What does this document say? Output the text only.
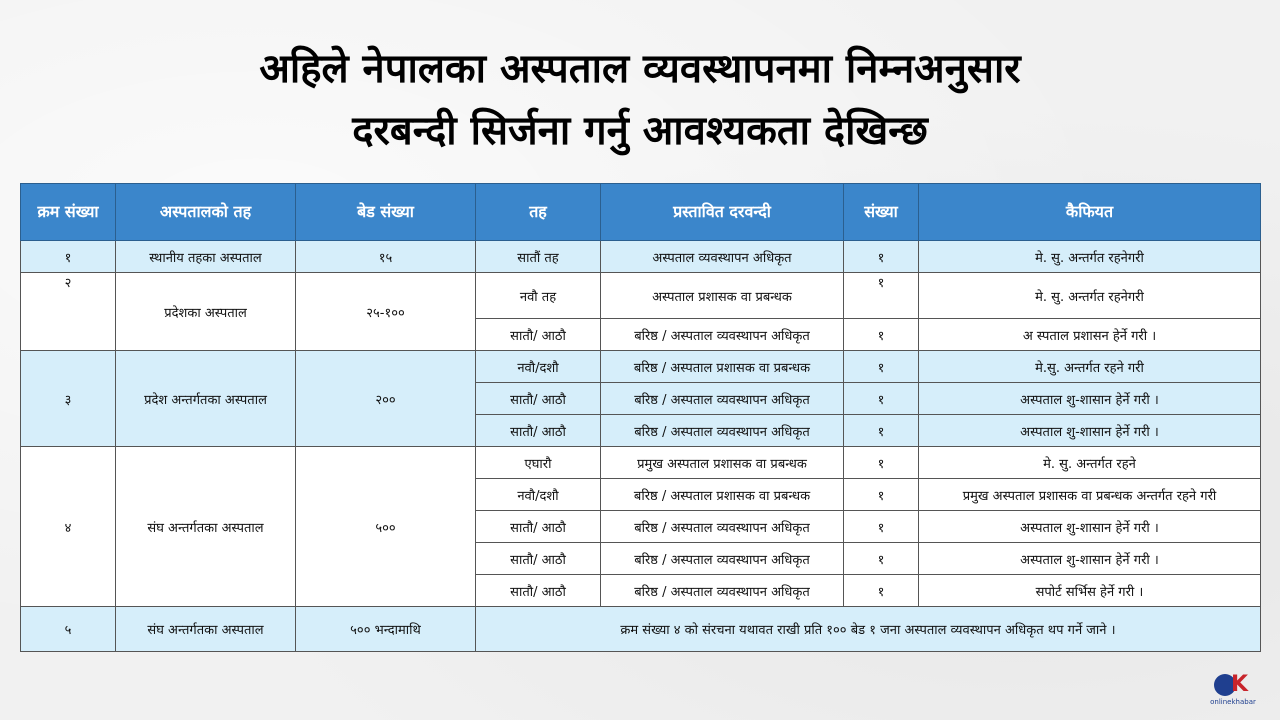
अहिले नेपालका अस्पताल व्यवस्थापनमा निम्नअनुसार
दरबन्दी सिर्जना गर्नु आवश्यकता देखिन्छ
क्रम संख्या	अस्पतालको तह	बेड संख्या	तह	प्रस्तावित दरवन्दी	संख्या	कैफियत
१	स्थानीय तहका अस्पताल	१५	सातौं तह	अस्पताल व्यवस्थापन अधिकृत	१	मे. सु. अन्तर्गत रहनेगरी
२	प्रदेशका अस्पताल	२५-१००	नवौ तह	अस्पताल प्रशासक वा प्रबन्धक	१	मे. सु. अन्तर्गत रहनेगरी
			सातौ/ आठौ	बरिष्ठ / अस्पताल व्यवस्थापन अधिकृत	१	अ स्पताल प्रशासन हेर्ने गरी ।
३	प्रदेश अन्तर्गतका अस्पताल	२००	नवौ/दशौ	बरिष्ठ / अस्पताल प्रशासक वा प्रबन्धक	१	मे.सु. अन्तर्गत रहने गरी
			सातौ/ आठौ	बरिष्ठ / अस्पताल व्यवस्थापन अधिकृत	१	अस्पताल शु-शासान हेर्ने गरी ।
			सातौ/ आठौ	बरिष्ठ / अस्पताल व्यवस्थापन अधिकृत	१	अस्पताल शु-शासान हेर्ने गरी ।
४	संघ अन्तर्गतका अस्पताल	५००	एघारौ	प्रमुख अस्पताल प्रशासक वा प्रबन्धक	१	मे. सु. अन्तर्गत रहने
			नवौ/दशौ	बरिष्ठ / अस्पताल प्रशासक वा प्रबन्धक	१	प्रमुख अस्पताल प्रशासक वा प्रबन्धक अन्तर्गत रहने गरी
			सातौ/ आठौ	बरिष्ठ / अस्पताल व्यवस्थापन अधिकृत	१	अस्पताल शु-शासान हेर्ने गरी ।
			सातौ/ आठौ	बरिष्ठ / अस्पताल व्यवस्थापन अधिकृत	१	अस्पताल शु-शासान हेर्ने गरी ।
			सातौ/ आठौ	बरिष्ठ / अस्पताल व्यवस्थापन अधिकृत	१	सपोर्ट सर्भिस हेर्ने गरी ।
५	संघ अन्तर्गतका अस्पताल	५०० भन्दामाथि	क्रम संख्या ४ को संरचना यथावत राखी प्रति १०० बेड १ जना अस्पताल व्यवस्थापन अधिकृत थप गर्ने जाने ।			
K
onlinekhabar
